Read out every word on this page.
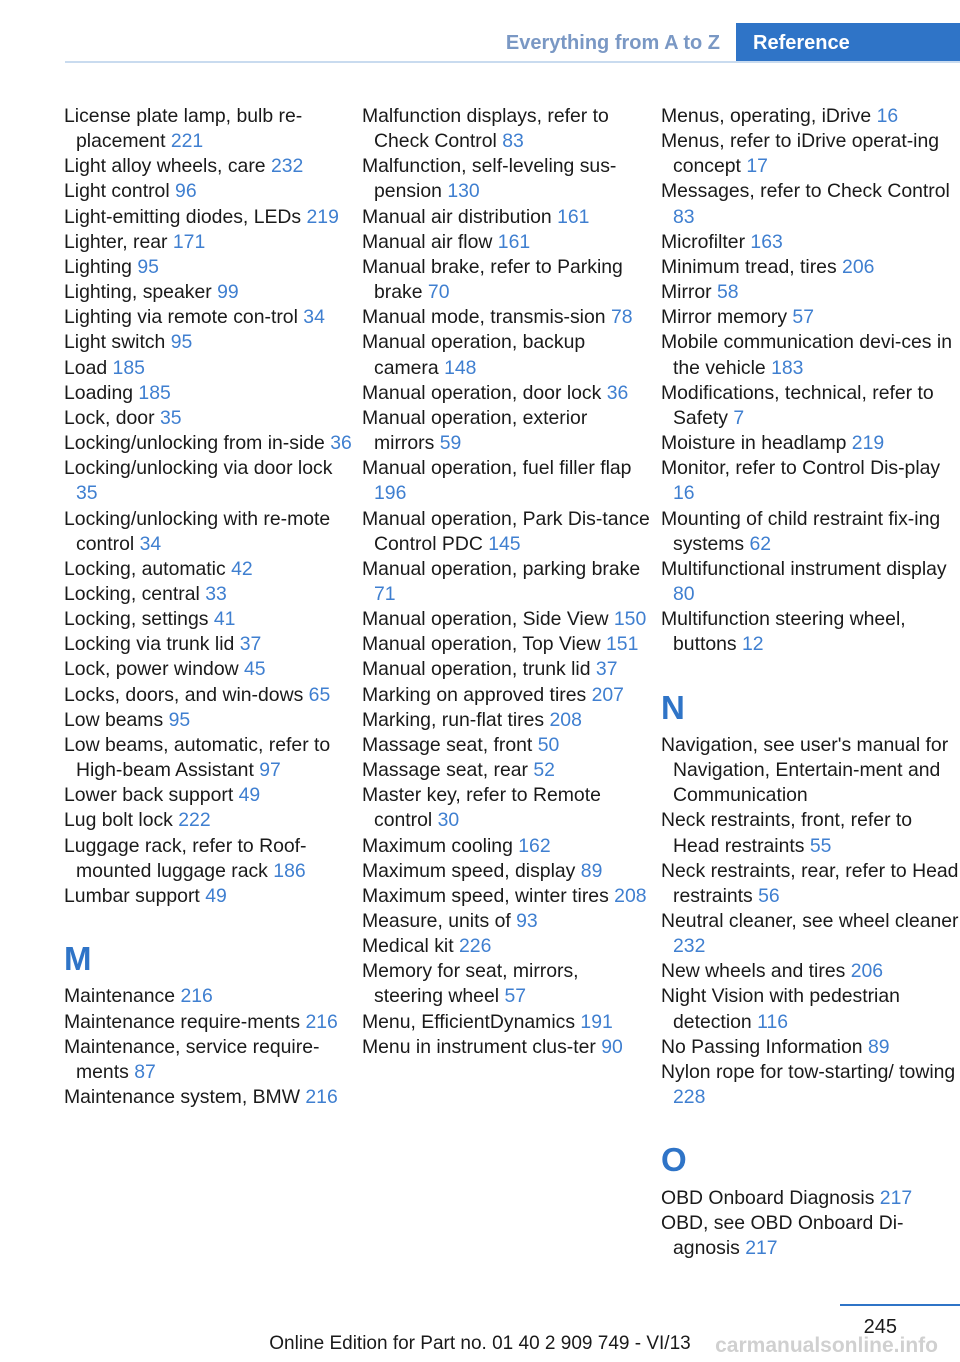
Everything from A to Z	Reference
License plate lamp, bulb re-placement 221
Light alloy wheels, care 232
Light control 96
Light-emitting diodes, LEDs 219
Lighter, rear 171
Lighting 95
Lighting, speaker 99
Lighting via remote con-trol 34
Light switch 95
Load 185
Loading 185
Lock, door 35
Locking/unlocking from in-side 36
Locking/unlocking via door lock 35
Locking/unlocking with re-mote control 34
Locking, automatic 42
Locking, central 33
Locking, settings 41
Locking via trunk lid 37
Lock, power window 45
Locks, doors, and win-dows 65
Low beams 95
Low beams, automatic, refer to High-beam Assistant 97
Lower back support 49
Lug bolt lock 222
Luggage rack, refer to Roof-mounted luggage rack 186
Lumbar support 49
M
Maintenance 216
Maintenance require-ments 216
Maintenance, service require-ments 87
Maintenance system, BMW 216
Malfunction displays, refer to Check Control 83
Malfunction, self-leveling sus-pension 130
Manual air distribution 161
Manual air flow 161
Manual brake, refer to Parking brake 70
Manual mode, transmis-sion 78
Manual operation, backup camera 148
Manual operation, door lock 36
Manual operation, exterior mirrors 59
Manual operation, fuel filler flap 196
Manual operation, Park Dis-tance Control PDC 145
Manual operation, parking brake 71
Manual operation, Side View 150
Manual operation, Top View 151
Manual operation, trunk lid 37
Marking on approved tires 207
Marking, run-flat tires 208
Massage seat, front 50
Massage seat, rear 52
Master key, refer to Remote control 30
Maximum cooling 162
Maximum speed, display 89
Maximum speed, winter tires 208
Measure, units of 93
Medical kit 226
Memory for seat, mirrors, steering wheel 57
Menu, EfficientDynamics 191
Menu in instrument clus-ter 90
Menus, operating, iDrive 16
Menus, refer to iDrive operat-ing concept 17
Messages, refer to Check Control 83
Microfilter 163
Minimum tread, tires 206
Mirror 58
Mirror memory 57
Mobile communication devi-ces in the vehicle 183
Modifications, technical, refer to Safety 7
Moisture in headlamp 219
Monitor, refer to Control Dis-play 16
Mounting of child restraint fix-ing systems 62
Multifunctional instrument display 80
Multifunction steering wheel, buttons 12
N
Navigation, see user's manual for Navigation, Entertain-ment and Communication
Neck restraints, front, refer to Head restraints 55
Neck restraints, rear, refer to Head restraints 56
Neutral cleaner, see wheel cleaner 232
New wheels and tires 206
Night Vision with pedestrian detection 116
No Passing Information 89
Nylon rope for tow-starting/ towing 228
O
OBD Onboard Diagnosis 217
OBD, see OBD Onboard Di-agnosis 217
245
Online Edition for Part no. 01 40 2 909 749 - VI/13	carmanualsonline.info
